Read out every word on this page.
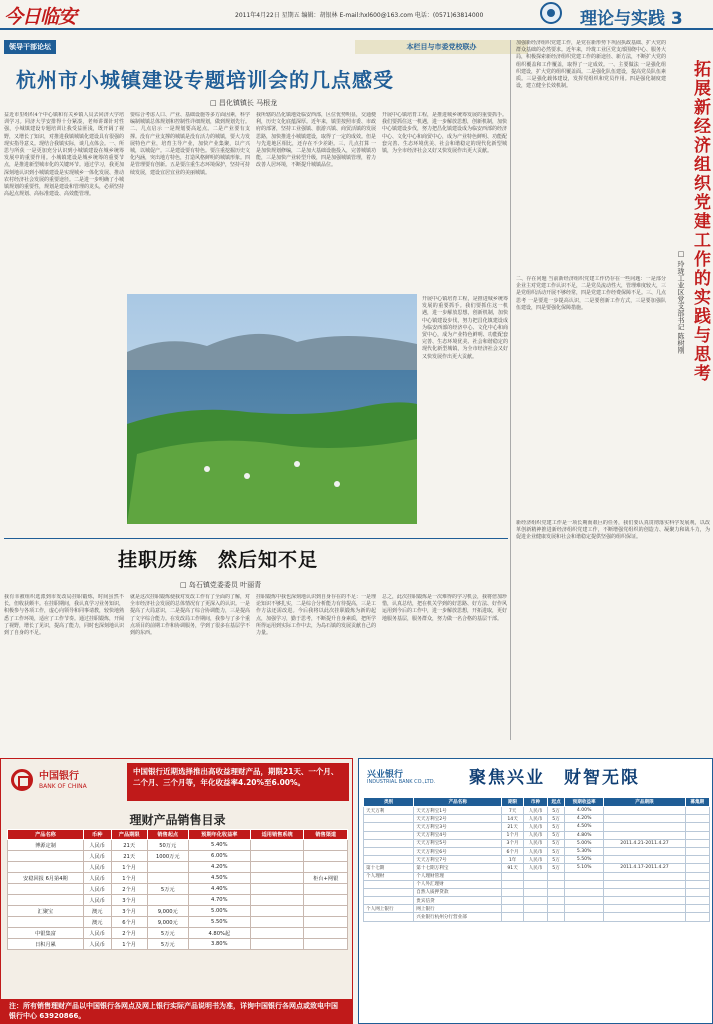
今日临安	2011年4月22日 星期五 编辑：胡银林 E-mail:hxl600@163.com 电话：(0571)63814000	理论与实践 3
领导干部论坛	本栏目与市委党校联办
杭州市小城镇建设专题培训会的几点感受
□ 昌化镇镇长 马根龙
益近市里组织4个中心镇和有关乡镇人员去同济大学培训学习。同济大学安排得十分紧凑，老师讲课针对性强，小城镇建设专题培训让我受益匪浅，既开阔了视野，又增长了知识，对推进我镇城镇化建设具有很强的现实指导意义。现结合我镇实际，谈几点体会。一、所思与所获 一是更加充分认识到小城镇建设在城乡统筹发展中的重要作用。小城镇建设是城乡统筹的重要节点，是推进新型城市化的关键环节。通过学习，我更加深刻地认识到小城镇建设是实现城乡一体化发展、推动农村经济社会发展的重要途径。二是进一步明确了小城镇规划的重要性，规划是建设和管理的龙头，必须坚持高起点规划、高标准建设、高效能管理。
要综合考虑人口、产业、基础设施等多方面因素，科学编制城镇总体规划和控制性详细规划，做到规划先行。二、几点启示 一是规划要高起点。二是产业要有支撑。没有产业支撑的城镇是没有活力的城镇，要大力发展特色产业，培育主导产业，加快产业集聚，以产兴城，以城促产。三是建设要有特色。要注重挖掘历史文化内涵，突出地方特色，打造风格鲜明的城镇形象。四是管理要有创新。五是要注重生态环境保护，坚持可持续发展，建设宜居宜业的美丽城镇。
我所辖的昌化镇地处临安西部，区位优势明显，交通便利，历史文化底蕴深厚。近年来，镇里按照市委、市政府的部署，坚持工业强镇、旅游兴镇、商贸活镇的发展思路，加快推进小城镇建设，取得了一定的成效。但是与先进地区相比，还存在不少差距。三、几点打算 一是加快规划修编，二是加大基础设施投入，完善城镇功能，三是加快产业转型升级，四是加强城镇管理，着力改善人居环境，不断提升城镇品位。
开展中心镇培育工程，是推进城乡统筹发展的重要抓手。我们要抓住这一机遇，进一步解放思想，创新机制，加快中心镇建设步伐，努力把昌化镇建设成为临安西部的经济中心、文化中心和商贸中心，成为产业特色鲜明、功能配套完善、生态环境优美、社会和谐稳定的现代化新型城镇，为全市经济社会又好又快发展作出更大贡献。
开展中心镇培育工程，是推进城乡统筹发展的重要抓手。我们要抓住这一机遇，进一步解放思想，创新机制，加快中心镇建设步伐，努力把昌化镇建设成为临安西部的经济中心、文化中心和商贸中心，成为产业特色鲜明、功能配套完善、生态环境优美、社会和谐稳定的现代化新型城镇，为全市经济社会又好又快发展作出更大贡献。
挂职历练　然后知不足
□ 岛石镇党委委员 叶丽青
我有幸被组织选派到市发改局挂职锻炼，时间虽然不长，但收获颇丰。在挂职期间，我认真学习业务知识，积极参与各项工作，虚心向领导和同事请教，较快地熟悉了工作环境，适应了工作节奏。通过挂职锻炼，开阔了视野，增长了见识，提高了能力，同时也深刻地认识到了自身的不足。
就是这次挂职锻炼使我对发改工作有了全面的了解，对全市经济社会发展的总体情况有了更深入的认识。一是提高了大局意识，二是提高了综合协调能力，三是提高了文字综合能力。在发改局工作期间，我参与了多个重点项目的前期工作和协调服务，学到了很多在基层学不到的东西。
挂职锻炼中我也深刻地认识到自身存在的不足：一是理论知识不够扎实，二是综合分析能力有待提高，三是工作方法还需改进。今后我将以此次挂职锻炼为新的起点，加强学习，勤于思考，不断提升自身素质，把所学所得运用到实际工作中去，为岛石镇的发展贡献自己的力量。
总之，此次挂职锻炼是一次难得的学习机会，我将倍加珍惜，认真总结，把在机关学到的好思路、好方法、好作风运用到今后的工作中，进一步解放思想，开拓进取，更好地服务基层，服务群众，努力做一名合格的基层干部。
拓展新经济组织党建工作的实践与思考
□ 玲珑工业区党支部书记 陈树刚
加强新经济组织党建工作，是党在新形势下巩固执政基础、扩大党的群众基础的必然要求。近年来，玲珑工业区党支部围绕中心、服务大局，积极探索新经济组织党建工作的新途径、新方法，不断扩大党的组织覆盖和工作覆盖，取得了一定成效。一、主要做法 一是强化组织建设，扩大党的组织覆盖面。二是强化队伍建设，提高党员队伍素质。三是强化载体建设，发挥党组织和党员作用。四是强化制度建设，建立健全长效机制。
二、存在问题 当前新经济组织党建工作仍存在一些问题：一是部分企业主对党建工作认识不足，二是党员流动性大，管理难度较大，三是党组织活动开展不够经常，四是党建工作经费保障不足。三、几点思考 一是要进一步提高认识，二是要创新工作方式，三是要加强队伍建设，四是要强化保障措施。
新经济组织党建工作是一项长期而艰巨的任务，我们要认真贯彻落实科学发展观，以改革创新精神推进新经济组织党建工作，不断增强党组织的创造力、凝聚力和战斗力，为促进企业健康发展和社会和谐稳定提供坚强的组织保证。
中国银行
BANK OF CHINA
中国银行近期选择推出高收益理财产品，期限21天、一个月、二个月、三个月等，年化收益率4.20%至6.00%。
理财产品销售目录
产品名称	币种	产品期限	销售起点	预期年化收益率	适用销售系统	销售渠道
博源定制	人民币	21天	50万元	5.40%		
	人民币	21天	1000万元	6.00%		
	人民币	1个月		4.20%		
安稳回报 6月第4期	人民币	1个月		4.50%		柜台+网银
	人民币	2个月	5万元	4.40%		
	人民币	3个月		4.70%		
汇聚宝	澳元	3个月	9,000元	5.00%		
	澳元	6个月	9,000元	5.50%		
中银集富	人民币	2个月	5万元	4.80%起		
日积月累	人民币	1个月	5万元	3.80%		
注：所有销售理财产品以中国银行各网点及网上银行实际产品说明书为准，详询中国银行各网点或致电中国银行中心 63920866。
兴业银行
INDUSTRIAL BANK CO.,LTD. 聚焦兴业　财智无限
类别	产品名称	期限	币种	起点	预期收益率	产品期限	募集期
天天万利	天天万利宝1号	7天	人民币	5万	4.00%		
	天天万利宝2号	14天	人民币	5万	4.20%		
	天天万利宝3号	21天	人民币	5万	4.50%		
	天天万利宝4号	1个月	人民币	5万	4.80%		
	天天万利宝5号	3个月	人民币	5万	5.00%	2011.4.21-2011.4.27	
	天天万利宝6号	6个月	人民币	5万	5.30%		
	天天万利宝7号	1年	人民币	5万	5.50%		
第十七期	第十七期万利宝	91天	人民币	5万	5.10%	2011.4.17-2011.4.27	
个人理财	个人理财管理						
	个人外汇理财						
	自然人质押贷款						
	贵宾信贷						
个人网上银行	网上银行						
	兴业银行杭州分行营业部						
